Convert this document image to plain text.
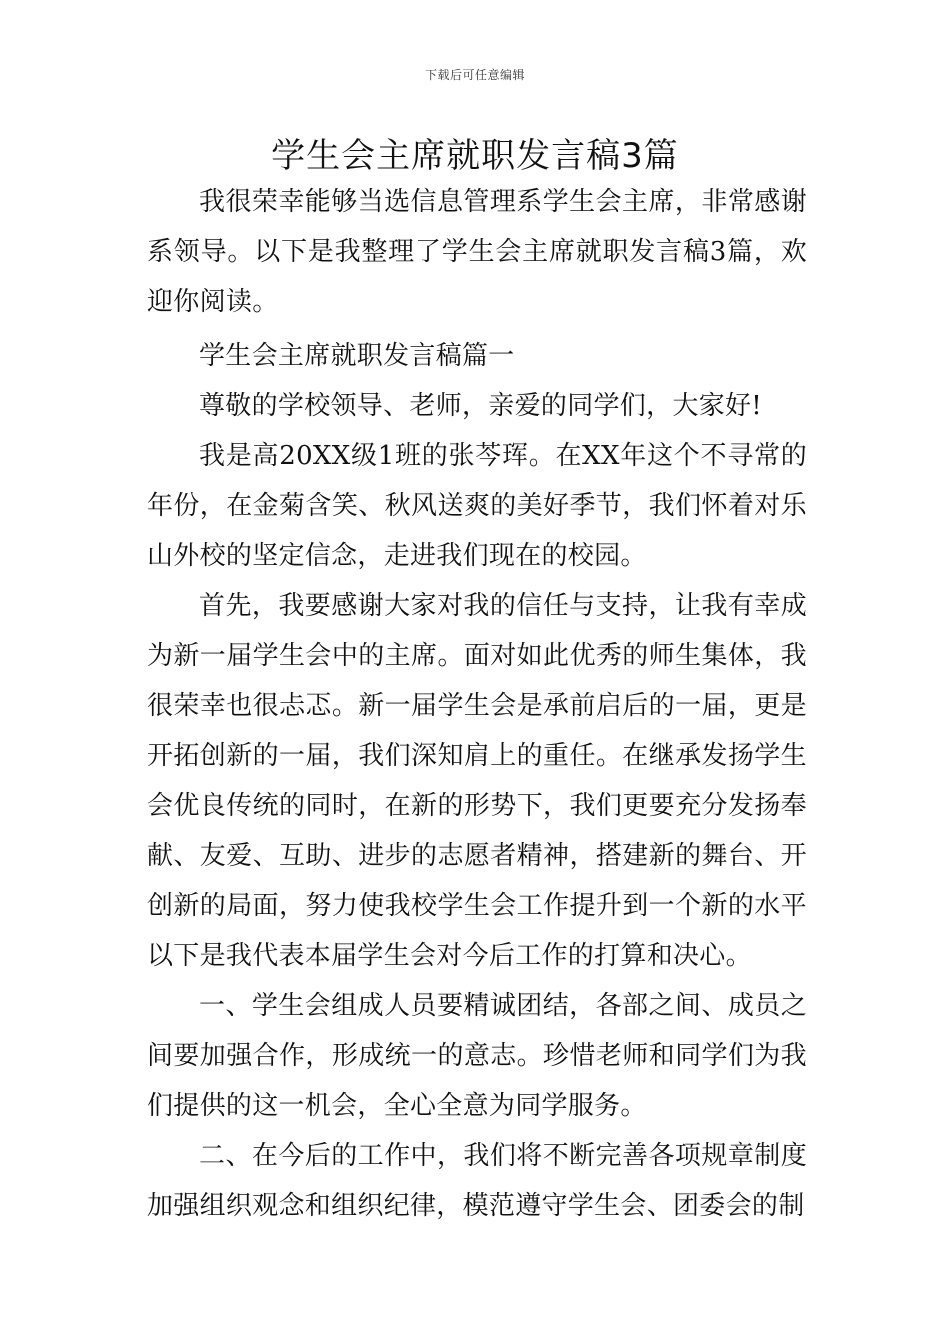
下载后可任意编辑
学生会主席就职发言稿3篇

我很荣幸能够当选信息管理系学生会主席，非常感谢系领导。以下是我整理了学生会主席就职发言稿3篇，欢迎你阅读。

学生会主席就职发言稿篇一

尊敬的学校领导、老师，亲爱的同学们，大家好!

我是高20XX级1班的张芩珲。在XX年这个不寻常的年份，在金菊含笑、秋风送爽的美好季节，我们怀着对乐山外校的坚定信念，走进我们现在的校园。

首先，我要感谢大家对我的信任与支持，让我有幸成为新一届学生会中的主席。面对如此优秀的师生集体，我很荣幸也很忐忑。新一届学生会是承前启后的一届，更是开拓创新的一届，我们深知肩上的重任。在继承发扬学生会优良传统的同时，在新的形势下，我们更要充分发扬奉献、友爱、互助、进步的志愿者精神，搭建新的舞台、开创新的局面，努力使我校学生会工作提升到一个新的水平以下是我代表本届学生会对今后工作的打算和决心。

一、学生会组成人员要精诚团结，各部之间、成员之间要加强合作，形成统一的意志。珍惜老师和同学们为我们提供的这一机会，全心全意为同学服务。

二、在今后的工作中，我们将不断完善各项规章制度加强组织观念和组织纪律，模范遵守学生会、团委会的制
